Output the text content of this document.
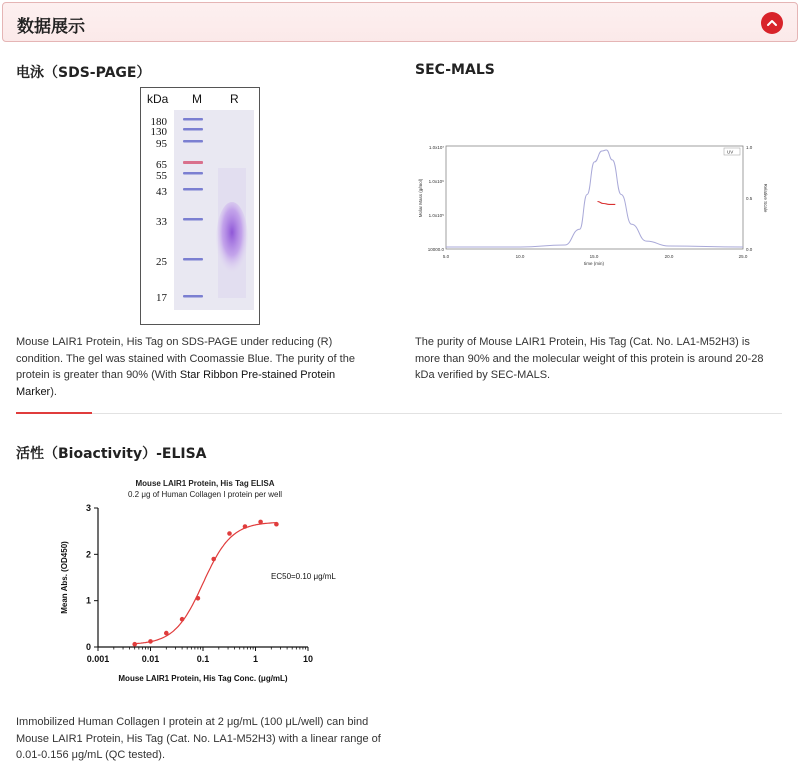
数据展示
电泳（SDS-PAGE）
kDa M R
180
130
95
65
55
43
33
25
17
Mouse LAIR1 Protein, His Tag on SDS-PAGE under reducing (R) condition. The gel was stained with Coomassie Blue. The purity of the protein is greater than 90% (With Star Ribbon Pre-stained Protein Marker).
SEC-MALS
Molar Mass (g/mol)	Relative Scale
1.0x10⁷
1.0x10⁶
1.0x10⁵
10000.0
1.0
0.5
0.0
5.0	10.0	15.0	20.0	25.0
time (min)
UV
The purity of Mouse LAIR1 Protein, His Tag (Cat. No. LA1-M52H3) is more than 90% and the molecular weight of this protein is around 20-28 kDa verified by SEC-MALS.
活性（Bioactivity）-ELISA
Mouse LAIR1 Protein, His Tag ELISA
0.2 μg of Human Collagen I protein per well
0
1
2
3
0.001	0.01	0.1	1	10
Mouse LAIR1 Protein, His Tag Conc. (μg/mL)
Mean Abs. (OD450)	EC50=0.10 μg/mL
Immobilized Human Collagen I protein at 2 μg/mL (100 μL/well) can bind Mouse LAIR1 Protein, His Tag (Cat. No. LA1-M52H3) with a linear range of 0.01-0.156 μg/mL (QC tested).
